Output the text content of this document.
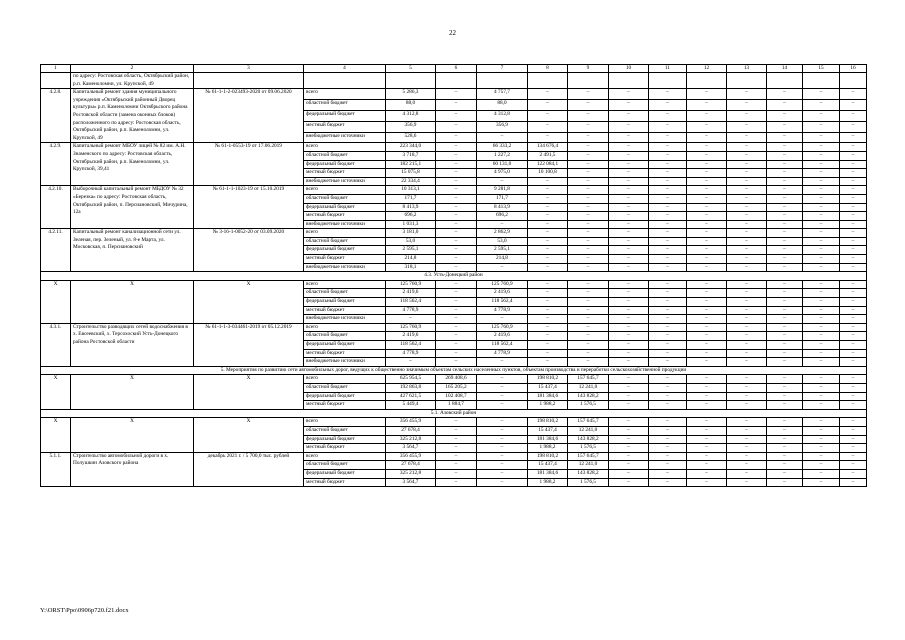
22
1	2	3	4	5	6	7	8	9	10	11	12	13	14	15	16
	по адресу: Ростовская область, Октябрьский район, р.п. Каменоломни, ул. Крупской, 49														
4.2.8.	Капитальный ремонт здания муниципального учреждения «Октябрьский районный Дворец культуры» р.п. Каменоломни Октябрьского района Ростовской области (замена оконных блоков) расположенного по адресу: Ростовская область, Октябрьский район, р.п. Каменоломни, ул. Крупской, 49	№ 61-1-1-2-023493-2020 от 09.06.2020	всего	5 286,3	–	4 757,7	–	–	–	–	–	–	–	–	–
			областной бюджет	88,0	–	88,0	–	–	–	–	–	–	–	–	–
			федеральный бюджет	4 312,8	–	4 312,8	–	–	–	–	–	–	–	–	–
			местный бюджет	356,9	–	356,9	–	–	–	–	–	–	–	–	–
			внебюджетные источники	528,6	–	–	–	–	–	–	–	–	–	–	–
4.2.9.	Капитальный ремонт МБОУ лицей № 82 им. А.Н. Знаменского по адресу: Ростовская область, Октябрьский район, р.п. Каменоломни, ул. Крупской, 39,41	№ 61-1-0553-19 от 17.06.2019	всего	223 344,0	–	66 333,2	134 676,4	–	–	–	–	–	–	–	–
			областной бюджет	3 718,7	–	1 227,2	2 491,5	–	–	–	–	–	–	–	–
			федеральный бюджет	182 215,1	–	60 131,0	122 084,1	–	–	–	–	–	–	–	–
			местный бюджет	15 075,8	–	4 975,0	10 100,8	–	–	–	–	–	–	–	–
			внебюджетные источники	22 334,4	–	–	–	–	–	–	–	–	–	–	–
4.2.10.	Выборочный капитальный ремонт МБДОУ № 32 «Березка» по адресу: Ростовская область, Октябрьский район, п. Персиановский, Мичурина, 12а	№ 61-1-1-1023-19 от 15.10.2019	всего	10 313,1	–	9 281,8	–	–	–	–	–	–	–	–	–
			областной бюджет	171,7	–	171,7	–	–	–	–	–	–	–	–	–
			федеральный бюджет	8 413,9	–	8 413,9	–	–	–	–	–	–	–	–	–
			местный бюджет	696,2	–	696,2	–	–	–	–	–	–	–	–	–
			внебюджетные источники	1 031,3	–	–	–	–	–	–	–	–	–	–	–
4.2.11.	Капитальный ремонт канализационной сети ул. Зеленая, пер. Зеленый, ул. 8-е Марта, ул. Московская, п. Персиановский	№ 3-16-1-0052-20 от 03.09.2020	всего	3 181,0	–	2 862,9	–	–	–	–	–	–	–	–	–
			областной бюджет	53,0	–	53,0	–	–	–	–	–	–	–	–	–
			федеральный бюджет	2 595,1	–	2 595,1	–	–	–	–	–	–	–	–	–
			местный бюджет	214,8	–	214,8	–	–	–	–	–	–	–	–	–
			внебюджетные источники	318,1	–	–	–	–	–	–	–	–	–	–	–
4.3. Усть-Донецкий район															
Х	Х	Х	всего	125 760,9	–	125 760,9	–	–	–	–	–	–	–	–	–
			областной бюджет	2 419,6	–	2 419,6	–	–	–	–	–	–	–	–	–
			федеральный бюджет	118 562,4	–	118 562,4	–	–	–	–	–	–	–	–	–
			местный бюджет	4 778,9	–	4 778,9	–	–	–	–	–	–	–	–	–
			внебюджетные источники	–	–	–	–	–	–	–	–	–	–	–	–
4.3.1.	Строительство разводящих сетей водоснабжения в х. Евсеевский, х. Терсохоский Усть-Донецкого района Ростовской области	№ 61-1-1-3-034461-2019 от 05.12.2019	всего	125 760,9	–	125 760,9	–	–	–	–	–	–	–	–	–
			областной бюджет	2 419,6	–	2 419,6	–	–	–	–	–	–	–	–	–
			федеральный бюджет	118 562,4	–	118 562,4	–	–	–	–	–	–	–	–	–
			местный бюджет	4 778,9	–	4 778,9	–	–	–	–	–	–	–	–	–
			внебюджетные источники	–	–	–	–	–	–	–	–	–	–	–	–
5. Мероприятия по развитию сети автомобильных дорог, ведущих к общественно значимым объектам сельских населенных пунктов, объектам производства и переработки сельскохозяйственной продукции															
Х	Х	Х	всего	625 954,5	269 408,6	–	198 810,2	157 645,7	–	–	–	–	–	–	–
			областной бюджет	192 863,8	165 205,2	–	15 437,4	12 241,0	–	–	–	–	–	–	–
			федеральный бюджет	427 621,5	102 408,7	–	181 384,6	143 828,2	–	–	–	–	–	–	–
			местный бюджет	5 449,4	1 884,7	–	1 988,2	1 576,5	–	–	–	–	–	–	–
5.1. Азовский район															
Х	Х	Х	всего	356 455,9	–	–	198 810,2	157 645,7	–	–	–	–	–	–	–
			областной бюджет	27 678,4	–	–	15 437,4	12 241,0	–	–	–	–	–	–	–
			федеральный бюджет	325 212,8	–	–	181 384,6	143 828,2	–	–	–	–	–	–	–
			местный бюджет	3 564,7	–	–	1 988,2	1 576,5	–	–	–	–	–	–	–
5.1.1.	Строительство автомобильной дороги в х. Полушкин Азовского района	декабрь 2021 г. / 5 700,0 тыс. рублей	всего	356 455,9	–	–	198 810,2	157 645,7	–	–	–	–	–	–	–
			областной бюджет	27 678,4	–	–	15 437,4	12 241,0	–	–	–	–	–	–	–
			федеральный бюджет	325 212,8	–	–	181 384,6	143 828,2	–	–	–	–	–	–	–
			местный бюджет	3 564,7	–	–	1 988,2	1 576,5	–	–	–	–	–	–	–
Y:\ORST\Ppo\0906p720.f21.docx
